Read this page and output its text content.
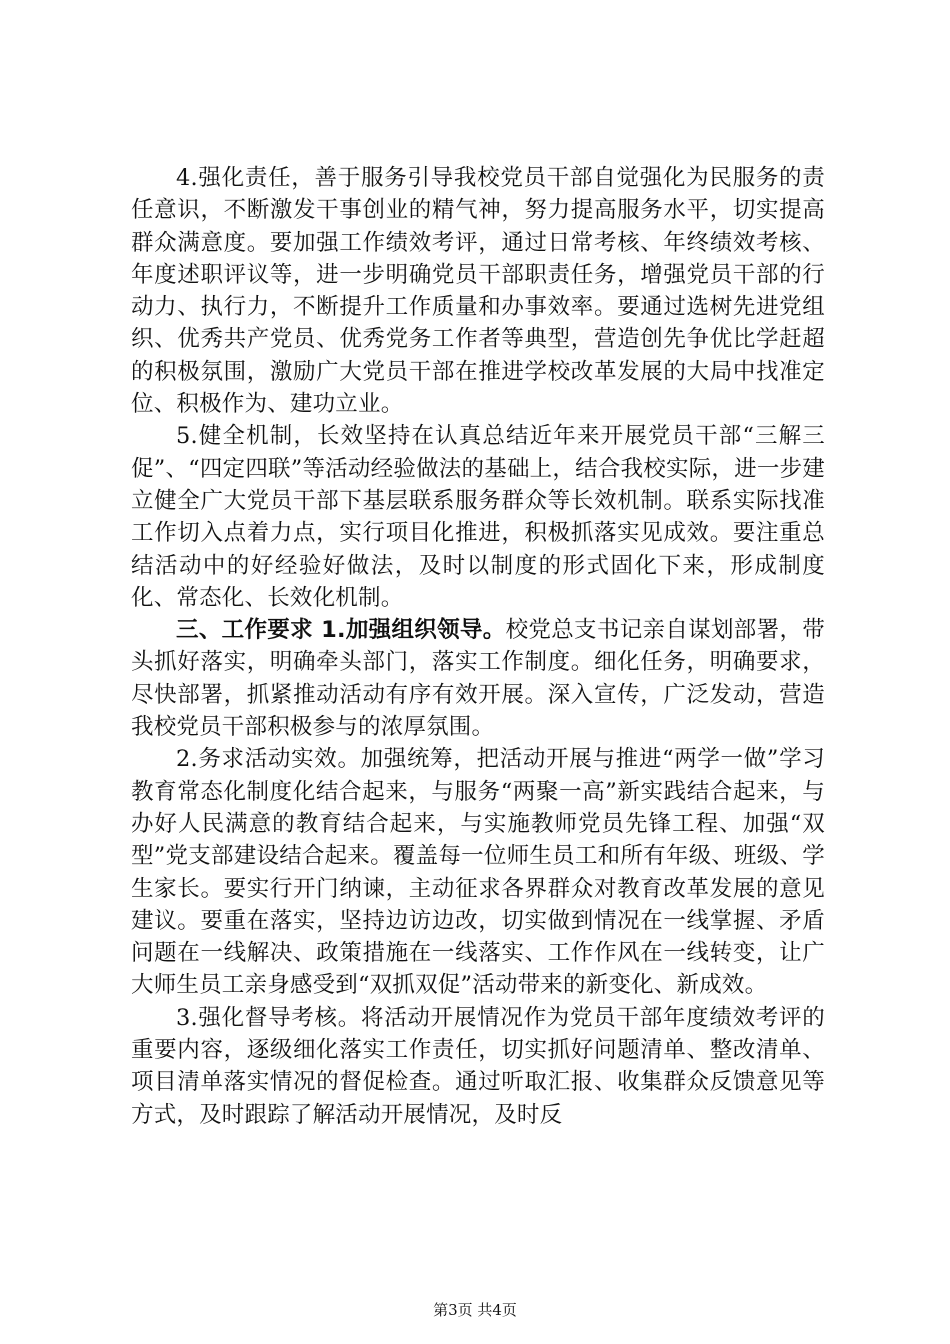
4.强化责任，善于服务引导我校党员干部自觉强化为民服务的责任意识，不断激发干事创业的精气神，努力提高服务水平，切实提高群众满意度。要加强工作绩效考评，通过日常考核、年终绩效考核、年度述职评议等，进一步明确党员干部职责任务，增强党员干部的行动力、执行力，不断提升工作质量和办事效率。要通过选树先进党组织、优秀共产党员、优秀党务工作者等典型，营造创先争优比学赶超的积极氛围，激励广大党员干部在推进学校改革发展的大局中找准定位、积极作为、建功立业。

5.健全机制，长效坚持在认真总结近年来开展党员干部“三解三促”、“四定四联”等活动经验做法的基础上，结合我校实际，进一步建立健全广大党员干部下基层联系服务群众等长效机制。联系实际找准工作切入点着力点，实行项目化推进，积极抓落实见成效。要注重总结活动中的好经验好做法，及时以制度的形式固化下来，形成制度化、常态化、长效化机制。

三、工作要求 1.加强组织领导。校党总支书记亲自谋划部署，带头抓好落实，明确牵头部门，落实工作制度。细化任务，明确要求，尽快部署，抓紧推动活动有序有效开展。深入宣传，广泛发动，营造我校党员干部积极参与的浓厚氛围。

2.务求活动实效。加强统筹，把活动开展与推进“两学一做”学习教育常态化制度化结合起来，与服务“两聚一高”新实践结合起来，与办好人民满意的教育结合起来，与实施教师党员先锋工程、加强“双型”党支部建设结合起来。覆盖每一位师生员工和所有年级、班级、学生家长。要实行开门纳谏，主动征求各界群众对教育改革发展的意见建议。要重在落实，坚持边访边改，切实做到情况在一线掌握、矛盾问题在一线解决、政策措施在一线落实、工作作风在一线转变，让广大师生员工亲身感受到“双抓双促”活动带来的新变化、新成效。

3.强化督导考核。将活动开展情况作为党员干部年度绩效考评的重要内容，逐级细化落实工作责任，切实抓好问题清单、整改清单、项目清单落实情况的督促检查。通过听取汇报、收集群众反馈意见等方式，及时跟踪了解活动开展情况，及时反

第3页 共4页
